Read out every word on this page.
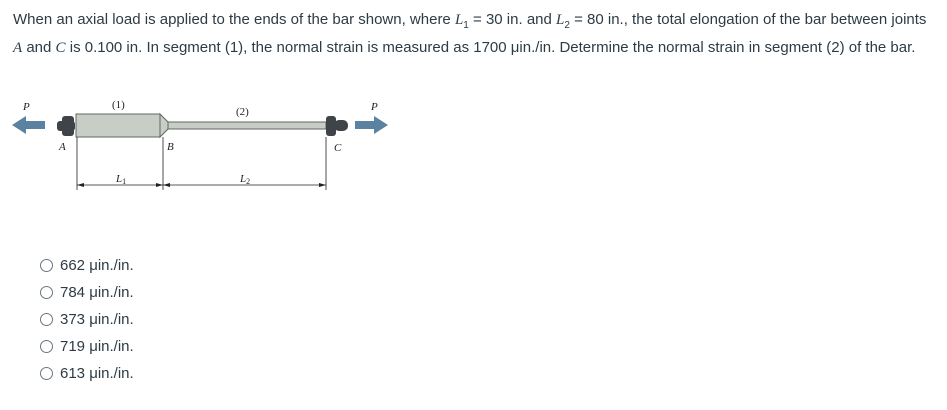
When an axial load is applied to the ends of the bar shown, where $L_1 = 30$ in. and $L_2 = 80$ in., the total elongation of the bar between joints A and C is 0.100 in. In segment (1), the normal strain is measured as 1700 μin./in. Determine the normal strain in segment (2) of the bar.
P	P
(1)
(2)
A	B	C
L1	L2
662 μin./in.
784 μin./in.
373 μin./in.
719 μin./in.
613 μin./in.
